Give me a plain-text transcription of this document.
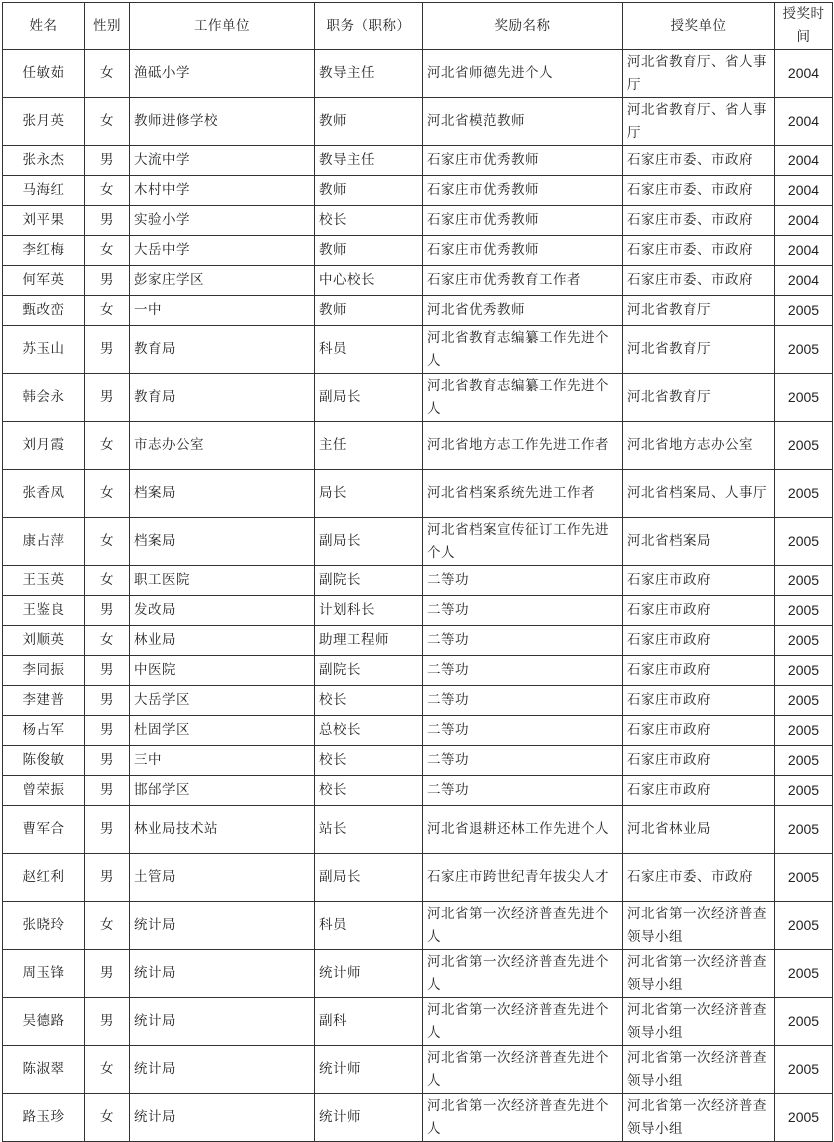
姓名	性别	工作单位	职务（职称）	奖励名称	授奖单位	授奖时间
任敏茹	女	渔砥小学	教导主任	河北省师德先进个人	河北省教育厅、省人事厅	2004
张月英	女	教师进修学校	教师	河北省模范教师	河北省教育厅、省人事厅	2004
张永杰	男	大流中学	教导主任	石家庄市优秀教师	石家庄市委、市政府	2004
马海红	女	木村中学	教师	石家庄市优秀教师	石家庄市委、市政府	2004
刘平果	男	实验小学	校长	石家庄市优秀教师	石家庄市委、市政府	2004
李红梅	女	大岳中学	教师	石家庄市优秀教师	石家庄市委、市政府	2004
何军英	男	彭家庄学区	中心校长	石家庄市优秀教育工作者	石家庄市委、市政府	2004
甄改峦	女	一中	教师	河北省优秀教师	河北省教育厅	2005
苏玉山	男	教育局	科员	河北省教育志编纂工作先进个人	河北省教育厅	2005
韩会永	男	教育局	副局长	河北省教育志编纂工作先进个人	河北省教育厅	2005
刘月霞	女	市志办公室	主任	河北省地方志工作先进工作者	河北省地方志办公室	2005
张香凤	女	档案局	局长	河北省档案系统先进工作者	河北省档案局、人事厅	2005
康占萍	女	档案局	副局长	河北省档案宣传征订工作先进个人	河北省档案局	2005
王玉英	女	职工医院	副院长	二等功	石家庄市政府	2005
王鉴良	男	发改局	计划科长	二等功	石家庄市政府	2005
刘顺英	女	林业局	助理工程师	二等功	石家庄市政府	2005
李同振	男	中医院	副院长	二等功	石家庄市政府	2005
李建普	男	大岳学区	校长	二等功	石家庄市政府	2005
杨占军	男	杜固学区	总校长	二等功	石家庄市政府	2005
陈俊敏	男	三中	校长	二等功	石家庄市政府	2005
曾荣振	男	邯邰学区	校长	二等功	石家庄市政府	2005
曹军合	男	林业局技术站	站长	河北省退耕还林工作先进个人	河北省林业局	2005
赵红利	男	土管局	副局长	石家庄市跨世纪青年拔尖人才	石家庄市委、市政府	2005
张晓玲	女	统计局	科员	河北省第一次经济普查先进个人	河北省第一次经济普查领导小组	2005
周玉锋	男	统计局	统计师	河北省第一次经济普查先进个人	河北省第一次经济普查领导小组	2005
吴德路	男	统计局	副科	河北省第一次经济普查先进个人	河北省第一次经济普查领导小组	2005
陈淑翠	女	统计局	统计师	河北省第一次经济普查先进个人	河北省第一次经济普查领导小组	2005
路玉珍	女	统计局	统计师	河北省第一次经济普查先进个人	河北省第一次经济普查领导小组	2005
